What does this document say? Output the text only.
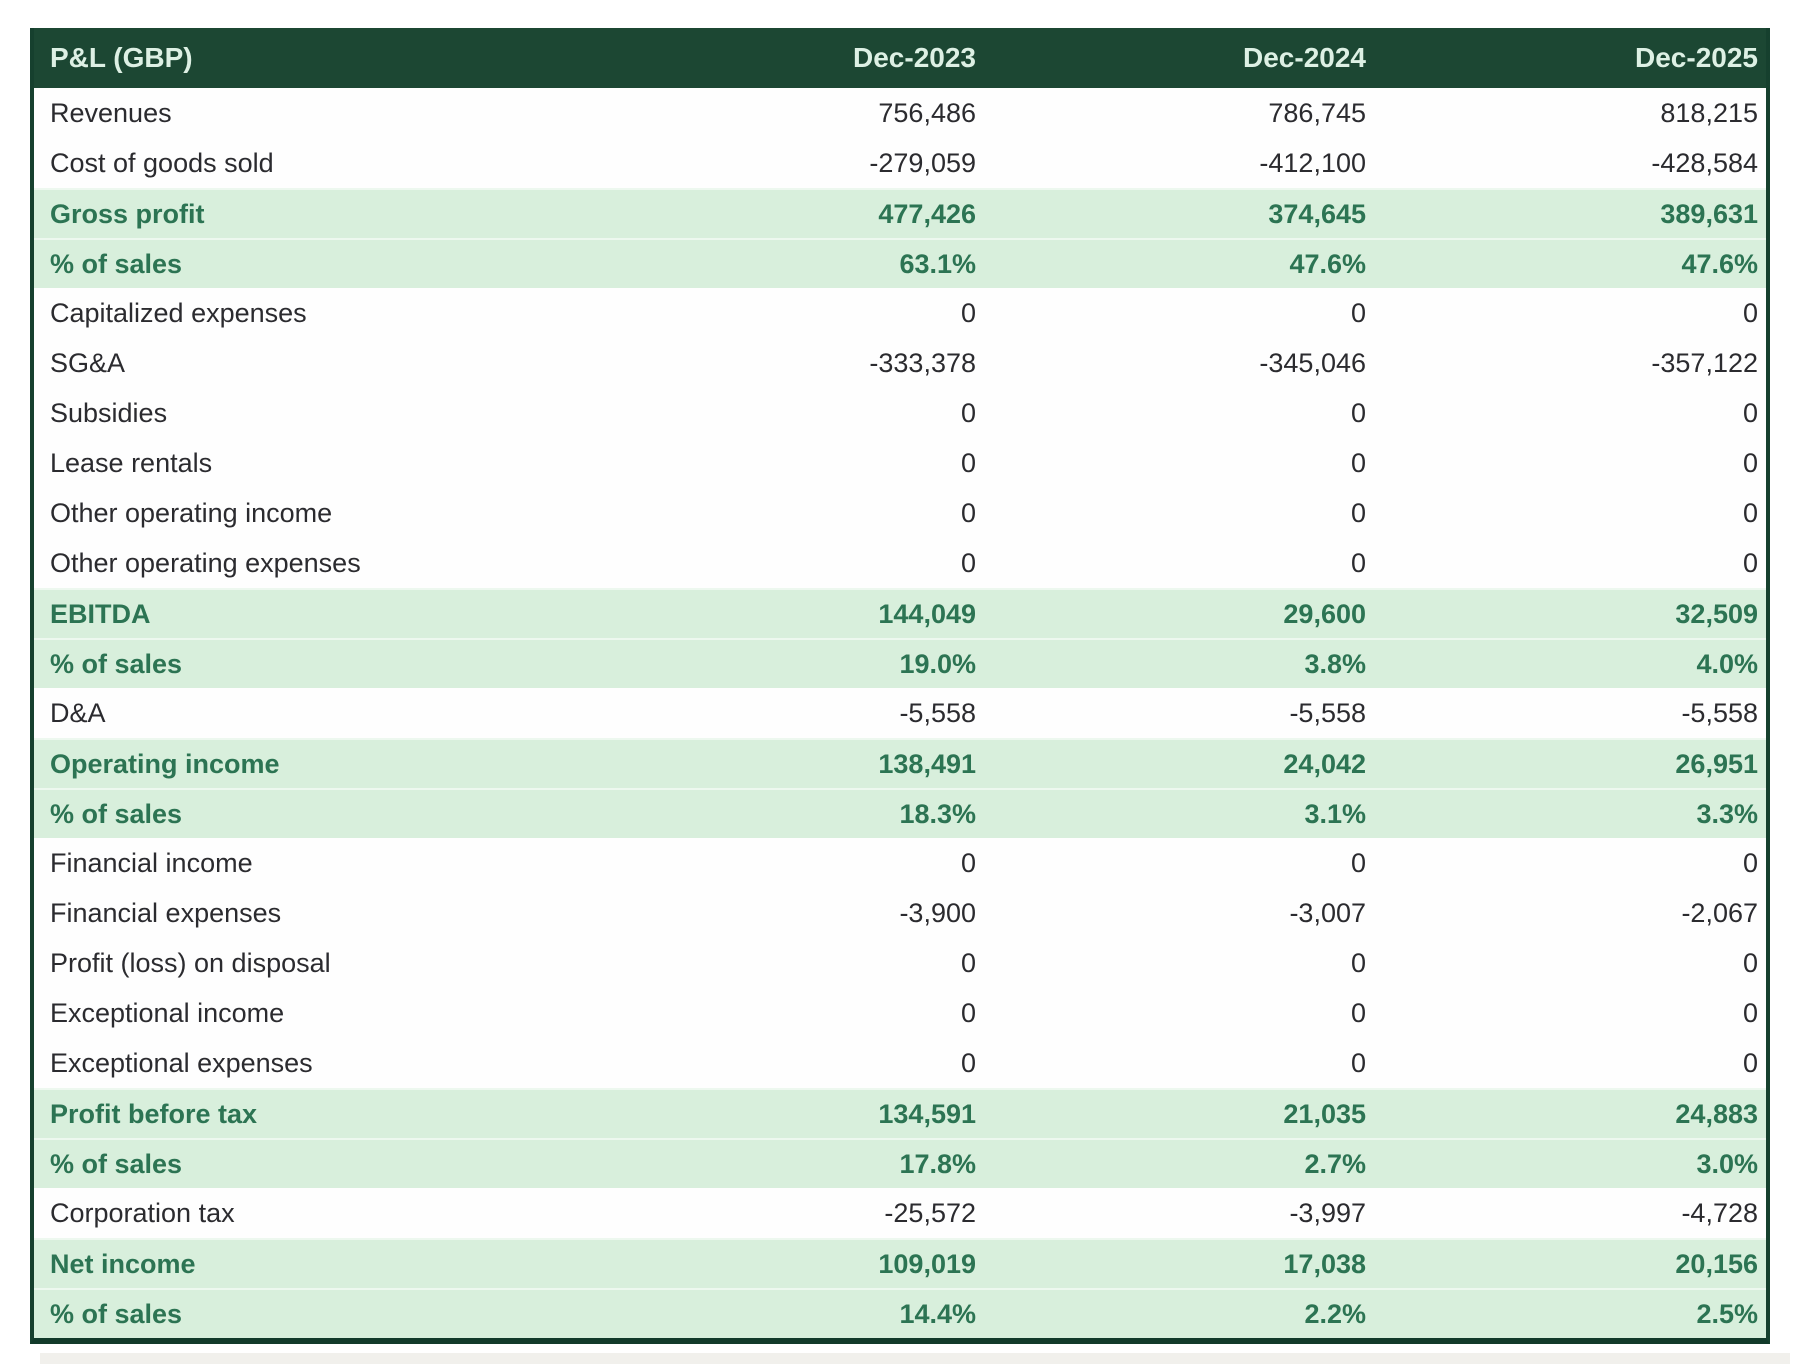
P&L (GBP)	Dec-2023	Dec-2024	Dec-2025
Revenues	756,486	786,745	818,215
Cost of goods sold	-279,059	-412,100	-428,584
Gross profit	477,426	374,645	389,631
% of sales	63.1%	47.6%	47.6%
Capitalized expenses	0	0	0
SG&A	-333,378	-345,046	-357,122
Subsidies	0	0	0
Lease rentals	0	0	0
Other operating income	0	0	0
Other operating expenses	0	0	0
EBITDA	144,049	29,600	32,509
% of sales	19.0%	3.8%	4.0%
D&A	-5,558	-5,558	-5,558
Operating income	138,491	24,042	26,951
% of sales	18.3%	3.1%	3.3%
Financial income	0	0	0
Financial expenses	-3,900	-3,007	-2,067
Profit (loss) on disposal	0	0	0
Exceptional income	0	0	0
Exceptional expenses	0	0	0
Profit before tax	134,591	21,035	24,883
% of sales	17.8%	2.7%	3.0%
Corporation tax	-25,572	-3,997	-4,728
Net income	109,019	17,038	20,156
% of sales	14.4%	2.2%	2.5%
